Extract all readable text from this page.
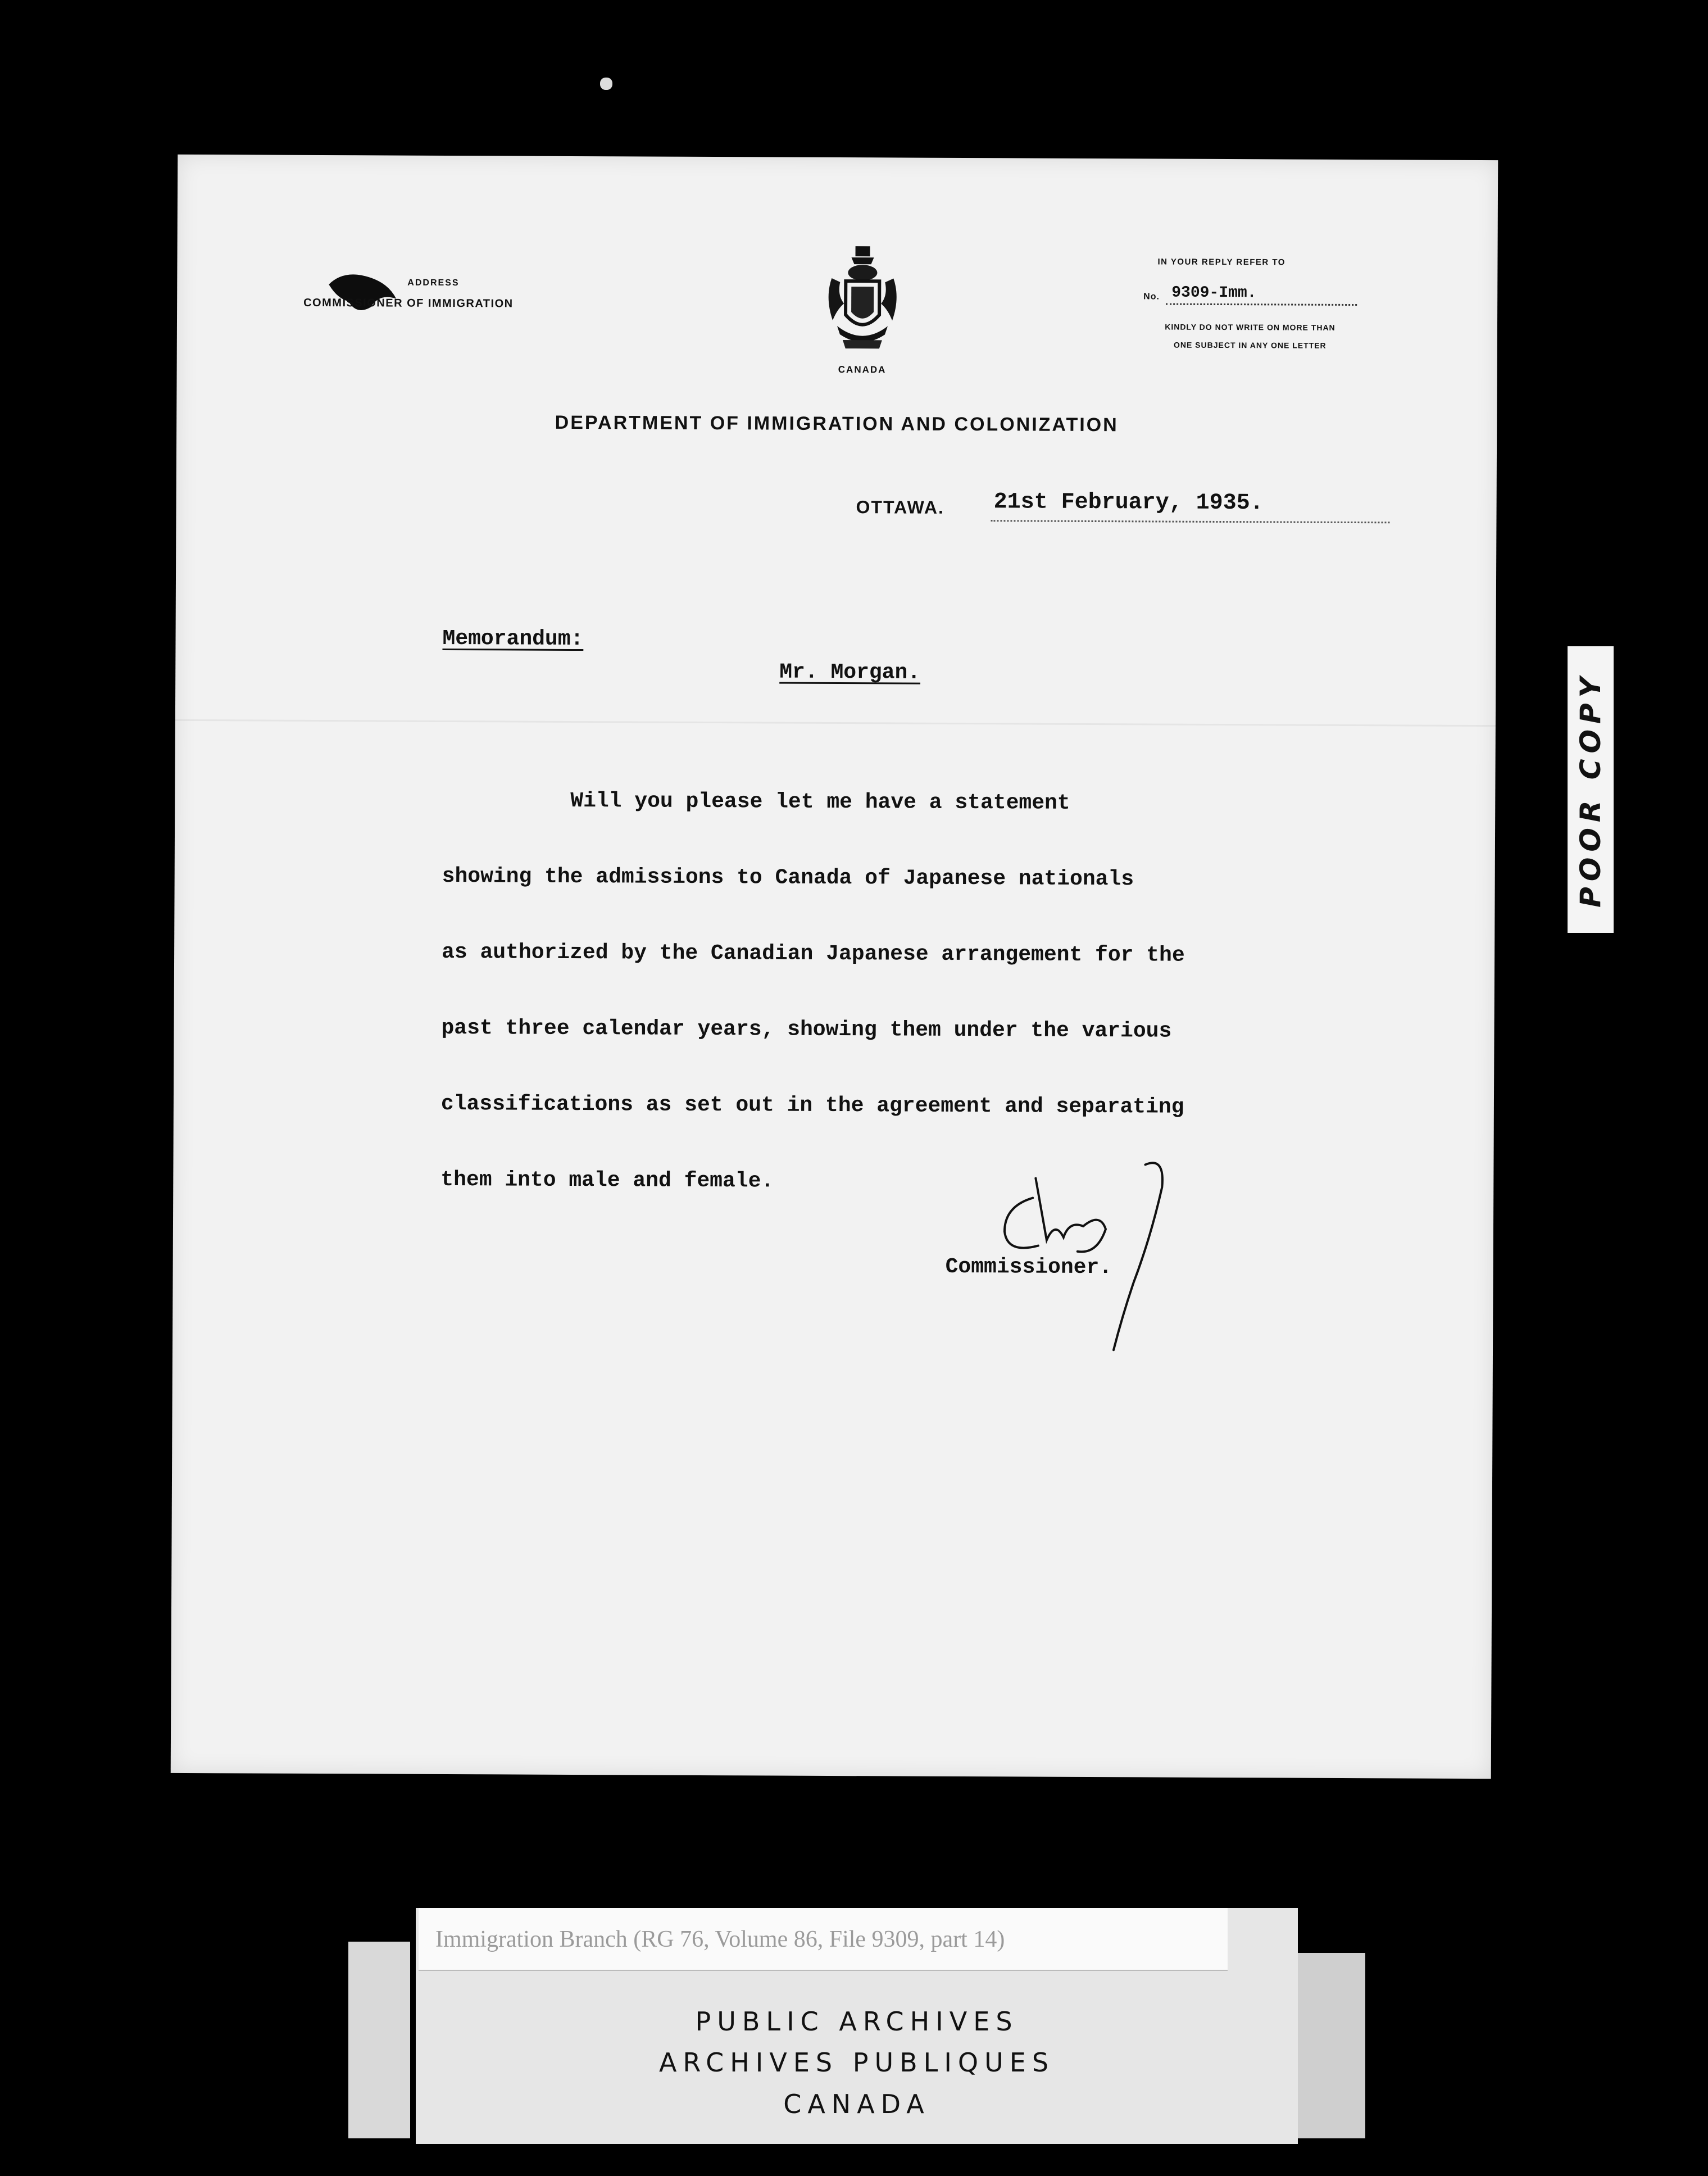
ADDRESS
COMMISSIONER OF IMMIGRATION
CANADA
IN YOUR REPLY REFER TO
No. 9309-Imm.
KINDLY DO NOT WRITE ON MORE THAN
ONE SUBJECT IN ANY ONE LETTER
DEPARTMENT OF IMMIGRATION AND COLONIZATION
OTTAWA. 21st February, 1935.
Memorandum:
Mr. Morgan.

Will you please let me have a statement

showing the admissions to Canada of Japanese nationals

as authorized by the Canadian Japanese arrangement for the

past three calendar years, showing them under the various

classifications as set out in the agreement and separating

them into male and female.

Commissioner.
POOR COPY
Immigration Branch (RG 76, Volume 86, File 9309, part 14)
PUBLIC ARCHIVES
ARCHIVES PUBLIQUES
CANADA
